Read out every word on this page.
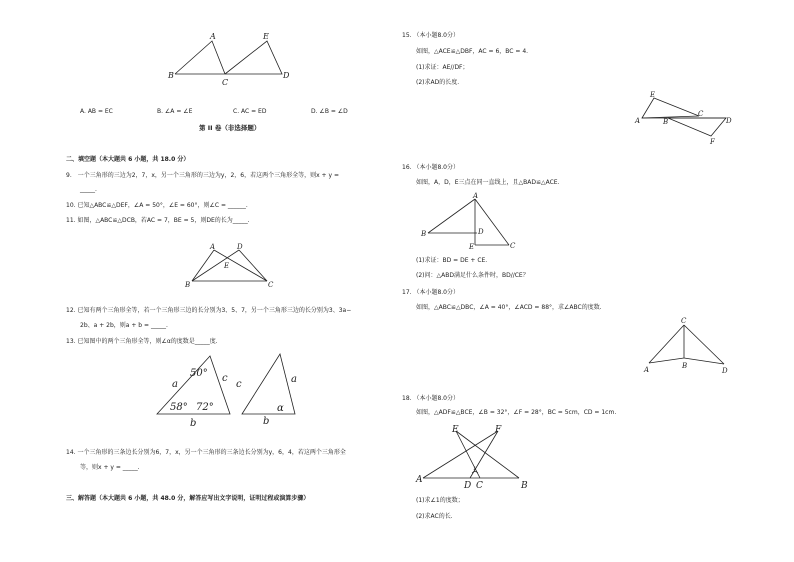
A
B
C
D
E
A. AB = EC	B. ∠A = ∠E	C. AC = ED	D. ∠B = ∠D
第 II 卷（非选择题）
二、填空题（本大题共 6 小题，共 18.0 分）
9.　一个三角形的三边为2，7，x，另一个三角形的三边为y，2，6，若这两个三角形全等，则x + y =
_____.
10. 已知△ABC≌△DEF，∠A = 50°，∠E = 60°，则∠C = ______.
11. 如图，△ABC≌△DCB，若AC = 7，BE = 5，则DE的长为_____.
A	D
E
B	C
12. 已知有两个三角形全等，若一个三角形三边的长分别为3、5、7，另一个三角形三边的长分别为3、3a−
2b、a + 2b，则a + b = _____.
13. 已知图中的两个三角形全等，则∠α的度数是_____度.
50°
58° 72°
a
c
b
c	a
α
b
14. 一个三角形的三条边长分别为6，7，x，另一个三角形的三条边长分别为y，6，4，若这两个三角形全
等，则x + y = _____.
三、解答题（本大题共 6 小题，共 48.0 分，解答应写出文字说明，证明过程或演算步骤）
15. （本小题8.0分）
如图，△ACE≌△DBF，AC = 6，BC = 4.
(1)求证：AE//DF；
(2)求AD的长度.
E
A	B
C
D
F
16. （本小题8.0分）
如图，A，D，E三点在同一直线上，且△BAD≌△ACE.
A
B	D
E	C
(1)求证：BD = DE + CE.
(2)问：△ABD满足什么条件时，BD//CE？
17. （本小题8.0分）
如图，△ABC≌△DBC，∠A = 40°，∠ACD = 88°，求∠ABC的度数.
C
A	B
D
18. （本小题8.0分）
如图，△ADF≌△BCE，∠B = 32°，∠F = 28°，BC = 5cm，CD = 1cm.
E	F
A
D C	B
1
(1)求∠1的度数；
(2)求AC的长.
